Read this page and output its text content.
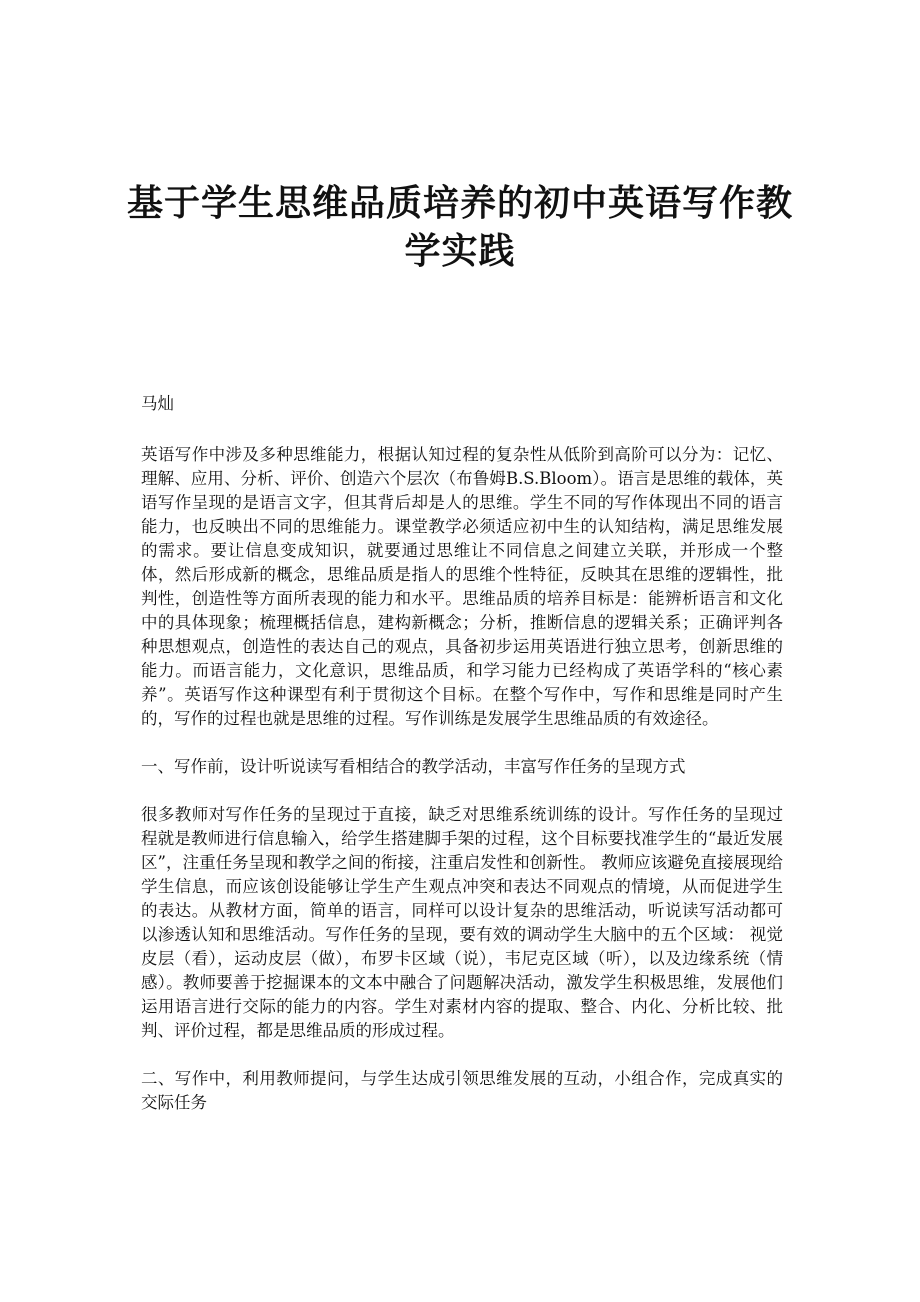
基于学生思维品质培养的初中英语写作教学实践

马灿

英语写作中涉及多种思维能力，根据认知过程的复杂性从低阶到高阶可以分为：记忆、理解、应用、分析、评价、创造六个层次（布鲁姆B.S.Bloom）。语言是思维的载体，英语写作呈现的是语言文字，但其背后却是人的思维。学生不同的写作体现出不同的语言能力，也反映出不同的思维能力。课堂教学必须适应初中生的认知结构，满足思维发展的需求。要让信息变成知识，就要通过思维让不同信息之间建立关联，并形成一个整体，然后形成新的概念，思维品质是指人的思维个性特征，反映其在思维的逻辑性，批判性，创造性等方面所表现的能力和水平。思维品质的培养目标是：能辨析语言和文化中的具体现象；梳理概括信息，建构新概念；分析，推断信息的逻辑关系；正确评判各种思想观点，创造性的表达自己的观点，具备初步运用英语进行独立思考，创新思维的能力。而语言能力，文化意识，思维品质，和学习能力已经构成了英语学科的“核心素养”。英语写作这种课型有利于贯彻这个目标。在整个写作中，写作和思维是同时产生的，写作的过程也就是思维的过程。写作训练是发展学生思维品质的有效途径。

一、写作前，设计听说读写看相结合的教学活动，丰富写作任务的呈现方式

很多教师对写作任务的呈现过于直接，缺乏对思维系统训练的设计。写作任务的呈现过程就是教师进行信息输入，给学生搭建脚手架的过程，这个目标要找准学生的“最近发展区”，注重任务呈现和教学之间的衔接，注重启发性和创新性。 教师应该避免直接展现给学生信息，而应该创设能够让学生产生观点冲突和表达不同观点的情境，从而促进学生的表达。从教材方面，简单的语言，同样可以设计复杂的思维活动，听说读写活动都可以渗透认知和思维活动。写作任务的呈现，要有效的调动学生大脑中的五个区域： 视觉皮层（看），运动皮层（做），布罗卡区域（说），韦尼克区域（听），以及边缘系统（情感）。教师要善于挖掘课本的文本中融合了问题解决活动，激发学生积极思维，发展他们运用语言进行交际的能力的内容。学生对素材内容的提取、整合、内化、分析比较、批判、评价过程，都是思维品质的形成过程。

二、写作中，利用教师提问，与学生达成引领思维发展的互动，小组合作，完成真实的交际任务
